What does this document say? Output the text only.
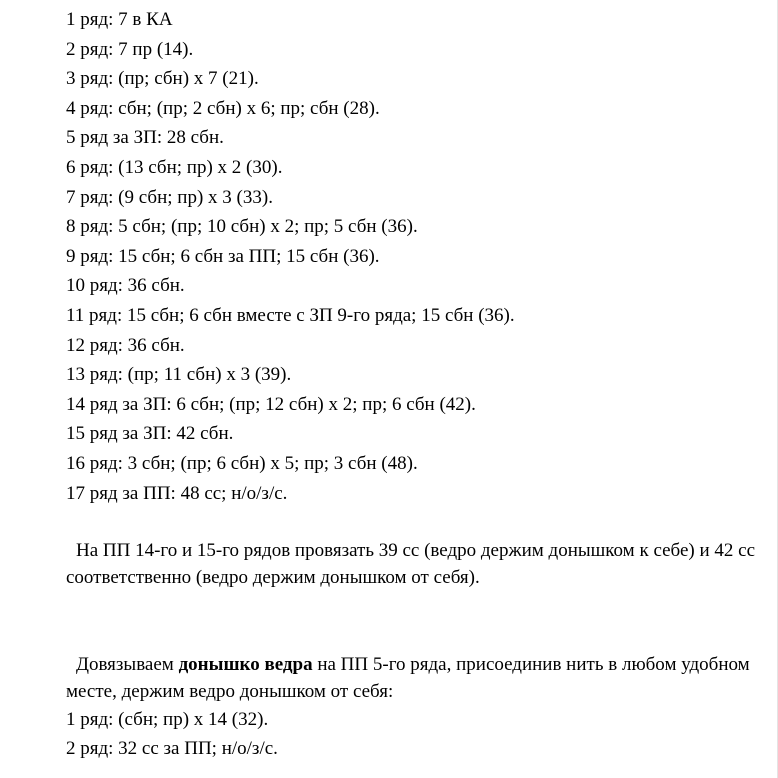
1 ряд: 7 в КА
2 ряд: 7 пр (14).
3 ряд: (пр; сбн) х 7 (21).
4 ряд: сбн; (пр; 2 сбн) х 6; пр; сбн (28).
5 ряд за ЗП: 28 сбн.
6 ряд: (13 сбн; пр) х 2 (30).
7 ряд: (9 сбн; пр) х 3 (33).
8 ряд: 5 сбн; (пр; 10 сбн) х 2; пр; 5 сбн (36).
9 ряд: 15 сбн; 6 сбн за ПП; 15 сбн (36).
10 ряд: 36 сбн.
11 ряд: 15 сбн; 6 сбн вместе с ЗП 9-го ряда; 15 сбн (36).
12 ряд: 36 сбн.
13 ряд: (пр; 11 сбн) х 3 (39).
14 ряд за ЗП: 6 сбн; (пр; 12 сбн) х 2; пр; 6 сбн (42).
15 ряд за ЗП: 42 сбн.
16 ряд: 3 сбн; (пр; 6 сбн) х 5; пр; 3 сбн (48).
17 ряд за ПП: 48 сс; н/о/з/с.

На ПП 14-го и 15-го рядов провязать 39 сс (ведро держим донышком к себе) и 42 сс соответственно (ведро держим донышком от себя).

Довязываем донышко ведра на ПП 5-го ряда, присоединив нить в любом удобном месте, держим ведро донышком от себя:

1 ряд: (сбн; пр) х 14 (32).
2 ряд: 32 сс за ПП; н/о/з/с.
